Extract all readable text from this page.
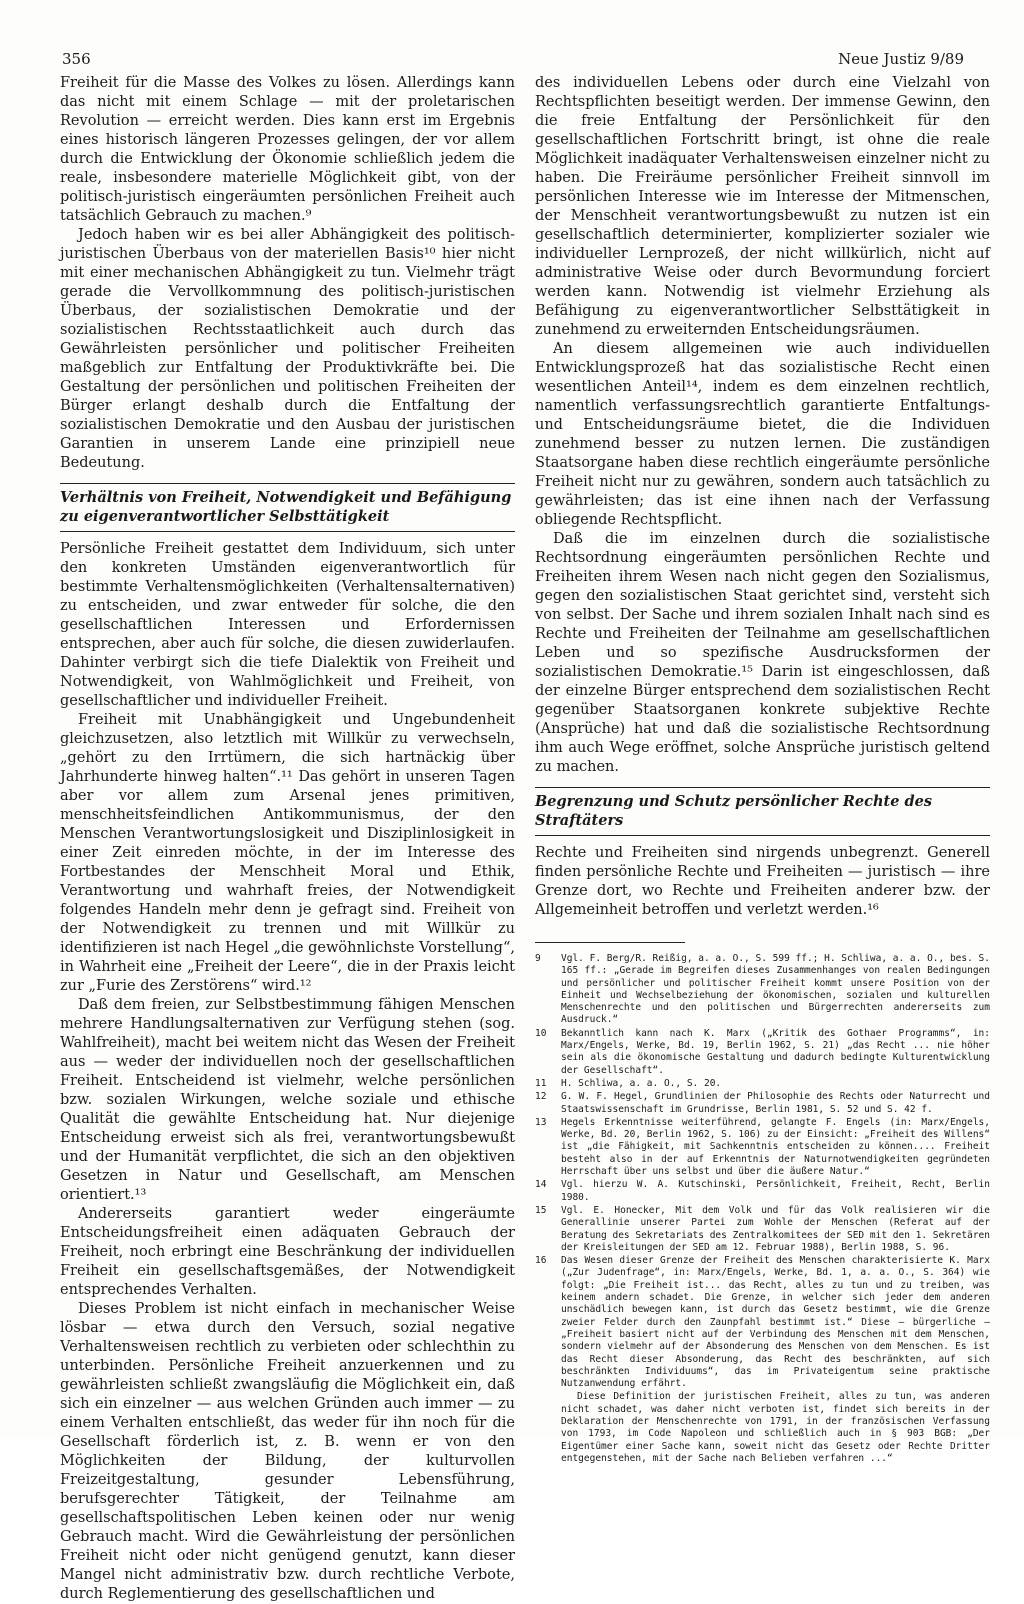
356	Neue Justiz 9/89

Freiheit für die Masse des Volkes zu lösen. Allerdings kann das nicht mit einem Schlage — mit der proletarischen Revolution — erreicht werden. Dies kann erst im Ergebnis eines historisch längeren Prozesses gelingen, der vor allem durch die Entwicklung der Ökonomie schließlich jedem die reale, insbesondere materielle Möglichkeit gibt, von der politisch-juristisch eingeräumten persönlichen Freiheit auch tatsächlich Gebrauch zu machen.⁹

Jedoch haben wir es bei aller Abhängigkeit des politisch-juristischen Überbaus von der materiellen Basis¹⁰ hier nicht mit einer mechanischen Abhängigkeit zu tun. Vielmehr trägt gerade die Vervollkommnung des politisch-juristischen Überbaus, der sozialistischen Demokratie und der sozialistischen Rechtsstaatlichkeit auch durch das Gewährleisten persönlicher und politischer Freiheiten maßgeblich zur Entfaltung der Produktivkräfte bei. Die Gestaltung der persönlichen und politischen Freiheiten der Bürger erlangt deshalb durch die Entfaltung der sozialistischen Demokratie und den Ausbau der juristischen Garantien in unserem Lande eine prinzipiell neue Bedeutung.

Verhältnis von Freiheit, Notwendigkeit und Befähigung zu eigenverantwortlicher Selbsttätigkeit

Persönliche Freiheit gestattet dem Individuum, sich unter den konkreten Umständen eigenverantwortlich für bestimmte Verhaltensmöglichkeiten (Verhaltensalternativen) zu entscheiden, und zwar entweder für solche, die den gesellschaftlichen Interessen und Erfordernissen entsprechen, aber auch für solche, die diesen zuwiderlaufen. Dahinter verbirgt sich die tiefe Dialektik von Freiheit und Notwendigkeit, von Wahlmöglichkeit und Freiheit, von gesellschaftlicher und individueller Freiheit.

Freiheit mit Unabhängigkeit und Ungebundenheit gleichzusetzen, also letztlich mit Willkür zu verwechseln, „gehört zu den Irrtümern, die sich hartnäckig über Jahrhunderte hinweg halten“.¹¹ Das gehört in unseren Tagen aber vor allem zum Arsenal jenes primitiven, menschheitsfeindlichen Antikommunismus, der den Menschen Verantwortungslosigkeit und Disziplinlosigkeit in einer Zeit einreden möchte, in der im Interesse des Fortbestandes der Menschheit Moral und Ethik, Verantwortung und wahrhaft freies, der Notwendigkeit folgendes Handeln mehr denn je gefragt sind. Freiheit von der Notwendigkeit zu trennen und mit Willkür zu identifizieren ist nach Hegel „die gewöhnlichste Vorstellung“, in Wahrheit eine „Freiheit der Leere“, die in der Praxis leicht zur „Furie des Zerstörens“ wird.¹²

Daß dem freien, zur Selbstbestimmung fähigen Menschen mehrere Handlungsalternativen zur Verfügung stehen (sog. Wahlfreiheit), macht bei weitem nicht das Wesen der Freiheit aus — weder der individuellen noch der gesellschaftlichen Freiheit. Entscheidend ist vielmehr, welche persönlichen bzw. sozialen Wirkungen, welche soziale und ethische Qualität die gewählte Entscheidung hat. Nur diejenige Entscheidung erweist sich als frei, verantwortungsbewußt und der Humanität verpflichtet, die sich an den objektiven Gesetzen in Natur und Gesellschaft, am Menschen orientiert.¹³

Andererseits garantiert weder eingeräumte Entscheidungsfreiheit einen adäquaten Gebrauch der Freiheit, noch erbringt eine Beschränkung der individuellen Freiheit ein gesellschaftsgemäßes, der Notwendigkeit entsprechendes Verhalten.

Dieses Problem ist nicht einfach in mechanischer Weise lösbar — etwa durch den Versuch, sozial negative Verhaltensweisen rechtlich zu verbieten oder schlechthin zu unterbinden. Persönliche Freiheit anzuerkennen und zu gewährleisten schließt zwangsläufig die Möglichkeit ein, daß sich ein einzelner — aus welchen Gründen auch immer — zu einem Verhalten entschließt, das weder für ihn noch für die Gesellschaft förderlich ist, z. B. wenn er von den Möglichkeiten der Bildung, der kulturvollen Freizeitgestaltung, gesunder Lebensführung, berufsgerechter Tätigkeit, der Teilnahme am gesellschaftspolitischen Leben keinen oder nur wenig Gebrauch macht. Wird die Gewährleistung der persönlichen Freiheit nicht oder nicht genügend genutzt, kann dieser Mangel nicht administrativ bzw. durch rechtliche Verbote, durch Reglementierung des gesellschaftlichen und

des individuellen Lebens oder durch eine Vielzahl von Rechtspflichten beseitigt werden. Der immense Gewinn, den die freie Entfaltung der Persönlichkeit für den gesellschaftlichen Fortschritt bringt, ist ohne die reale Möglichkeit inadäquater Verhaltensweisen einzelner nicht zu haben. Die Freiräume persönlicher Freiheit sinnvoll im persönlichen Interesse wie im Interesse der Mitmenschen, der Menschheit verantwortungsbewußt zu nutzen ist ein gesellschaftlich determinierter, komplizierter sozialer wie individueller Lernprozeß, der nicht willkürlich, nicht auf administrative Weise oder durch Bevormundung forciert werden kann. Notwendig ist vielmehr Erziehung als Befähigung zu eigenverantwortlicher Selbsttätigkeit in zunehmend zu erweiternden Entscheidungsräumen.

An diesem allgemeinen wie auch individuellen Entwicklungsprozeß hat das sozialistische Recht einen wesentlichen Anteil¹⁴, indem es dem einzelnen rechtlich, namentlich verfassungsrechtlich garantierte Entfaltungs- und Entscheidungsräume bietet, die die Individuen zunehmend besser zu nutzen lernen. Die zuständigen Staatsorgane haben diese rechtlich eingeräumte persönliche Freiheit nicht nur zu gewähren, sondern auch tatsächlich zu gewährleisten; das ist eine ihnen nach der Verfassung obliegende Rechtspflicht.

Daß die im einzelnen durch die sozialistische Rechtsordnung eingeräumten persönlichen Rechte und Freiheiten ihrem Wesen nach nicht gegen den Sozialismus, gegen den sozialistischen Staat gerichtet sind, versteht sich von selbst. Der Sache und ihrem sozialen Inhalt nach sind es Rechte und Freiheiten der Teilnahme am gesellschaftlichen Leben und so spezifische Ausdrucksformen der sozialistischen Demokratie.¹⁵ Darin ist eingeschlossen, daß der einzelne Bürger entsprechend dem sozialistischen Recht gegenüber Staatsorganen konkrete subjektive Rechte (Ansprüche) hat und daß die sozialistische Rechtsordnung ihm auch Wege eröffnet, solche Ansprüche juristisch geltend zu machen.

Begrenzung und Schutz persönlicher Rechte des Straftäters

Rechte und Freiheiten sind nirgends unbegrenzt. Generell finden persönliche Rechte und Freiheiten — juristisch — ihre Grenze dort, wo Rechte und Freiheiten anderer bzw. der Allgemeinheit betroffen und verletzt werden.¹⁶

9	Vgl. F. Berg/R. Reißig, a. a. O., S. 599 ff.; H. Schliwa, a. a. O., bes. S. 165 ff.: „Gerade im Begreifen dieses Zusammenhanges von realen Bedingungen und persönlicher und politischer Freiheit kommt unsere Position von der Einheit und Wechselbeziehung der ökonomischen, sozialen und kulturellen Menschenrechte und den politischen und Bürgerrechten andererseits zum Ausdruck.“
10	Bekanntlich kann nach K. Marx („Kritik des Gothaer Programms“, in: Marx/Engels, Werke, Bd. 19, Berlin 1962, S. 21) „das Recht ... nie höher sein als die ökonomische Gestaltung und dadurch bedingte Kulturentwicklung der Gesellschaft“.
11	H. Schliwa, a. a. O., S. 20.
12	G. W. F. Hegel, Grundlinien der Philosophie des Rechts oder Naturrecht und Staatswissenschaft im Grundrisse, Berlin 1981, S. 52 und S. 42 f.
13	Hegels Erkenntnisse weiterführend, gelangte F. Engels (in: Marx/Engels, Werke, Bd. 20, Berlin 1962, S. 106) zu der Einsicht: „Freiheit des Willens“ ist „die Fähigkeit, mit Sachkenntnis entscheiden zu können.... Freiheit besteht also in der auf Erkenntnis der Naturnotwendigkeiten gegründeten Herrschaft über uns selbst und über die äußere Natur.“
14	Vgl. hierzu W. A. Kutschinski, Persönlichkeit, Freiheit, Recht, Berlin 1980.
15	Vgl. E. Honecker, Mit dem Volk und für das Volk realisieren wir die Generallinie unserer Partei zum Wohle der Menschen (Referat auf der Beratung des Sekretariats des Zentralkomitees der SED mit den 1. Sekretären der Kreisleitungen der SED am 12. Februar 1988), Berlin 1988, S. 96.
16	Das Wesen dieser Grenze der Freiheit des Menschen charakterisierte K. Marx („Zur Judenfrage“, in: Marx/Engels, Werke, Bd. 1, a. a. O., S. 364) wie folgt: „Die Freiheit ist... das Recht, alles zu tun und zu treiben, was keinem andern schadet. Die Grenze, in welcher sich jeder dem anderen unschädlich bewegen kann, ist durch das Gesetz bestimmt, wie die Grenze zweier Felder durch den Zaunpfahl bestimmt ist.“ Diese — bürgerliche — „Freiheit basiert nicht auf der Verbindung des Menschen mit dem Menschen, sondern vielmehr auf der Absonderung des Menschen von dem Menschen. Es ist das Recht dieser Absonderung, das Recht des beschränkten, auf sich beschränkten Individuums“, das im Privateigentum seine praktische Nutzanwendung erfährt.

Diese Definition der juristischen Freiheit, alles zu tun, was anderen nicht schadet, was daher nicht verboten ist, findet sich bereits in der Deklaration der Menschenrechte von 1791, in der französischen Verfassung von 1793, im Code Napoleon und schließlich auch in § 903 BGB: „Der Eigentümer einer Sache kann, soweit nicht das Gesetz oder Rechte Dritter entgegenstehen, mit der Sache nach Belieben verfahren ...“
